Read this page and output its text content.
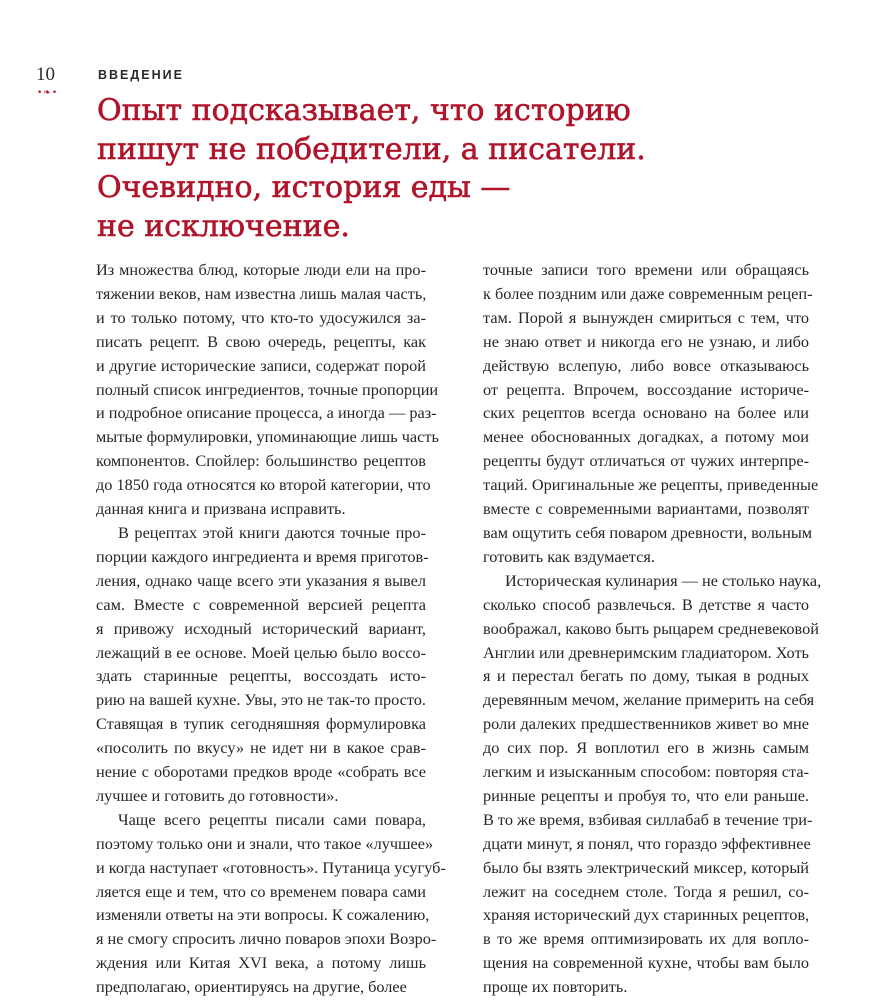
10
•❧•
ВВЕДЕНИЕ
Опыт подсказывает, что историю
пишут не победители, а писатели.
Очевидно, история еды —
не исключение.
Из множества блюд, которые люди ели на про-
тяжении веков, нам известна лишь малая часть,
и то только потому, что кто-то удосужился за-
писать рецепт. В свою очередь, рецепты, как
и другие исторические записи, содержат порой
полный список ингредиентов, точные пропорции
и подробное описание процесса, а иногда — раз-
мытые формулировки, упоминающие лишь часть
компонентов. Спойлер: большинство рецептов
до 1850 года относятся ко второй категории, что
данная книга и призвана исправить.
В рецептах этой книги даются точные про-
порции каждого ингредиента и время приготов-
ления, однако чаще всего эти указания я вывел
сам. Вместе с современной версией рецепта
я привожу исходный исторический вариант,
лежащий в ее основе. Моей целью было воссо-
здать старинные рецепты, воссоздать исто-
рию на вашей кухне. Увы, это не так-то просто.
Ставящая в тупик сегодняшняя формулировка
«посолить по вкусу» не идет ни в какое срав-
нение с оборотами предков вроде «собрать все
лучшее и готовить до готовности».
Чаще всего рецепты писали сами повара,
поэтому только они и знали, что такое «лучшее»
и когда наступает «готовность». Путаница усугуб-
ляется еще и тем, что со временем повара сами
изменяли ответы на эти вопросы. К сожалению,
я не смогу спросить лично поваров эпохи Возро-
ждения или Китая XVI века, а потому лишь
предполагаю, ориентируясь на другие, более
точные записи того времени или обращаясь
к более поздним или даже современным рецеп-
там. Порой я вынужден смириться с тем, что
не знаю ответ и никогда его не узнаю, и либо
действую вслепую, либо вовсе отказываюсь
от рецепта. Впрочем, воссоздание историче-
ских рецептов всегда основано на более или
менее обоснованных догадках, а потому мои
рецепты будут отличаться от чужих интерпре-
таций. Оригинальные же рецепты, приведенные
вместе с современными вариантами, позволят
вам ощутить себя поваром древности, вольным
готовить как вздумается.
Историческая кулинария — не столько наука,
сколько способ развлечься. В детстве я часто
воображал, каково быть рыцарем средневековой
Англии или древнеримским гладиатором. Хоть
я и перестал бегать по дому, тыкая в родных
деревянным мечом, желание примерить на себя
роли далеких предшественников живет во мне
до сих пор. Я воплотил его в жизнь самым
легким и изысканным способом: повторяя ста-
ринные рецепты и пробуя то, что ели раньше.
В то же время, взбивая силлабаб в течение три-
дцати минут, я понял, что гораздо эффективнее
было бы взять электрический миксер, который
лежит на соседнем столе. Тогда я решил, со-
храняя исторический дух старинных рецептов,
в то же время оптимизировать их для вопло-
щения на современной кухне, чтобы вам было
проще их повторить.
